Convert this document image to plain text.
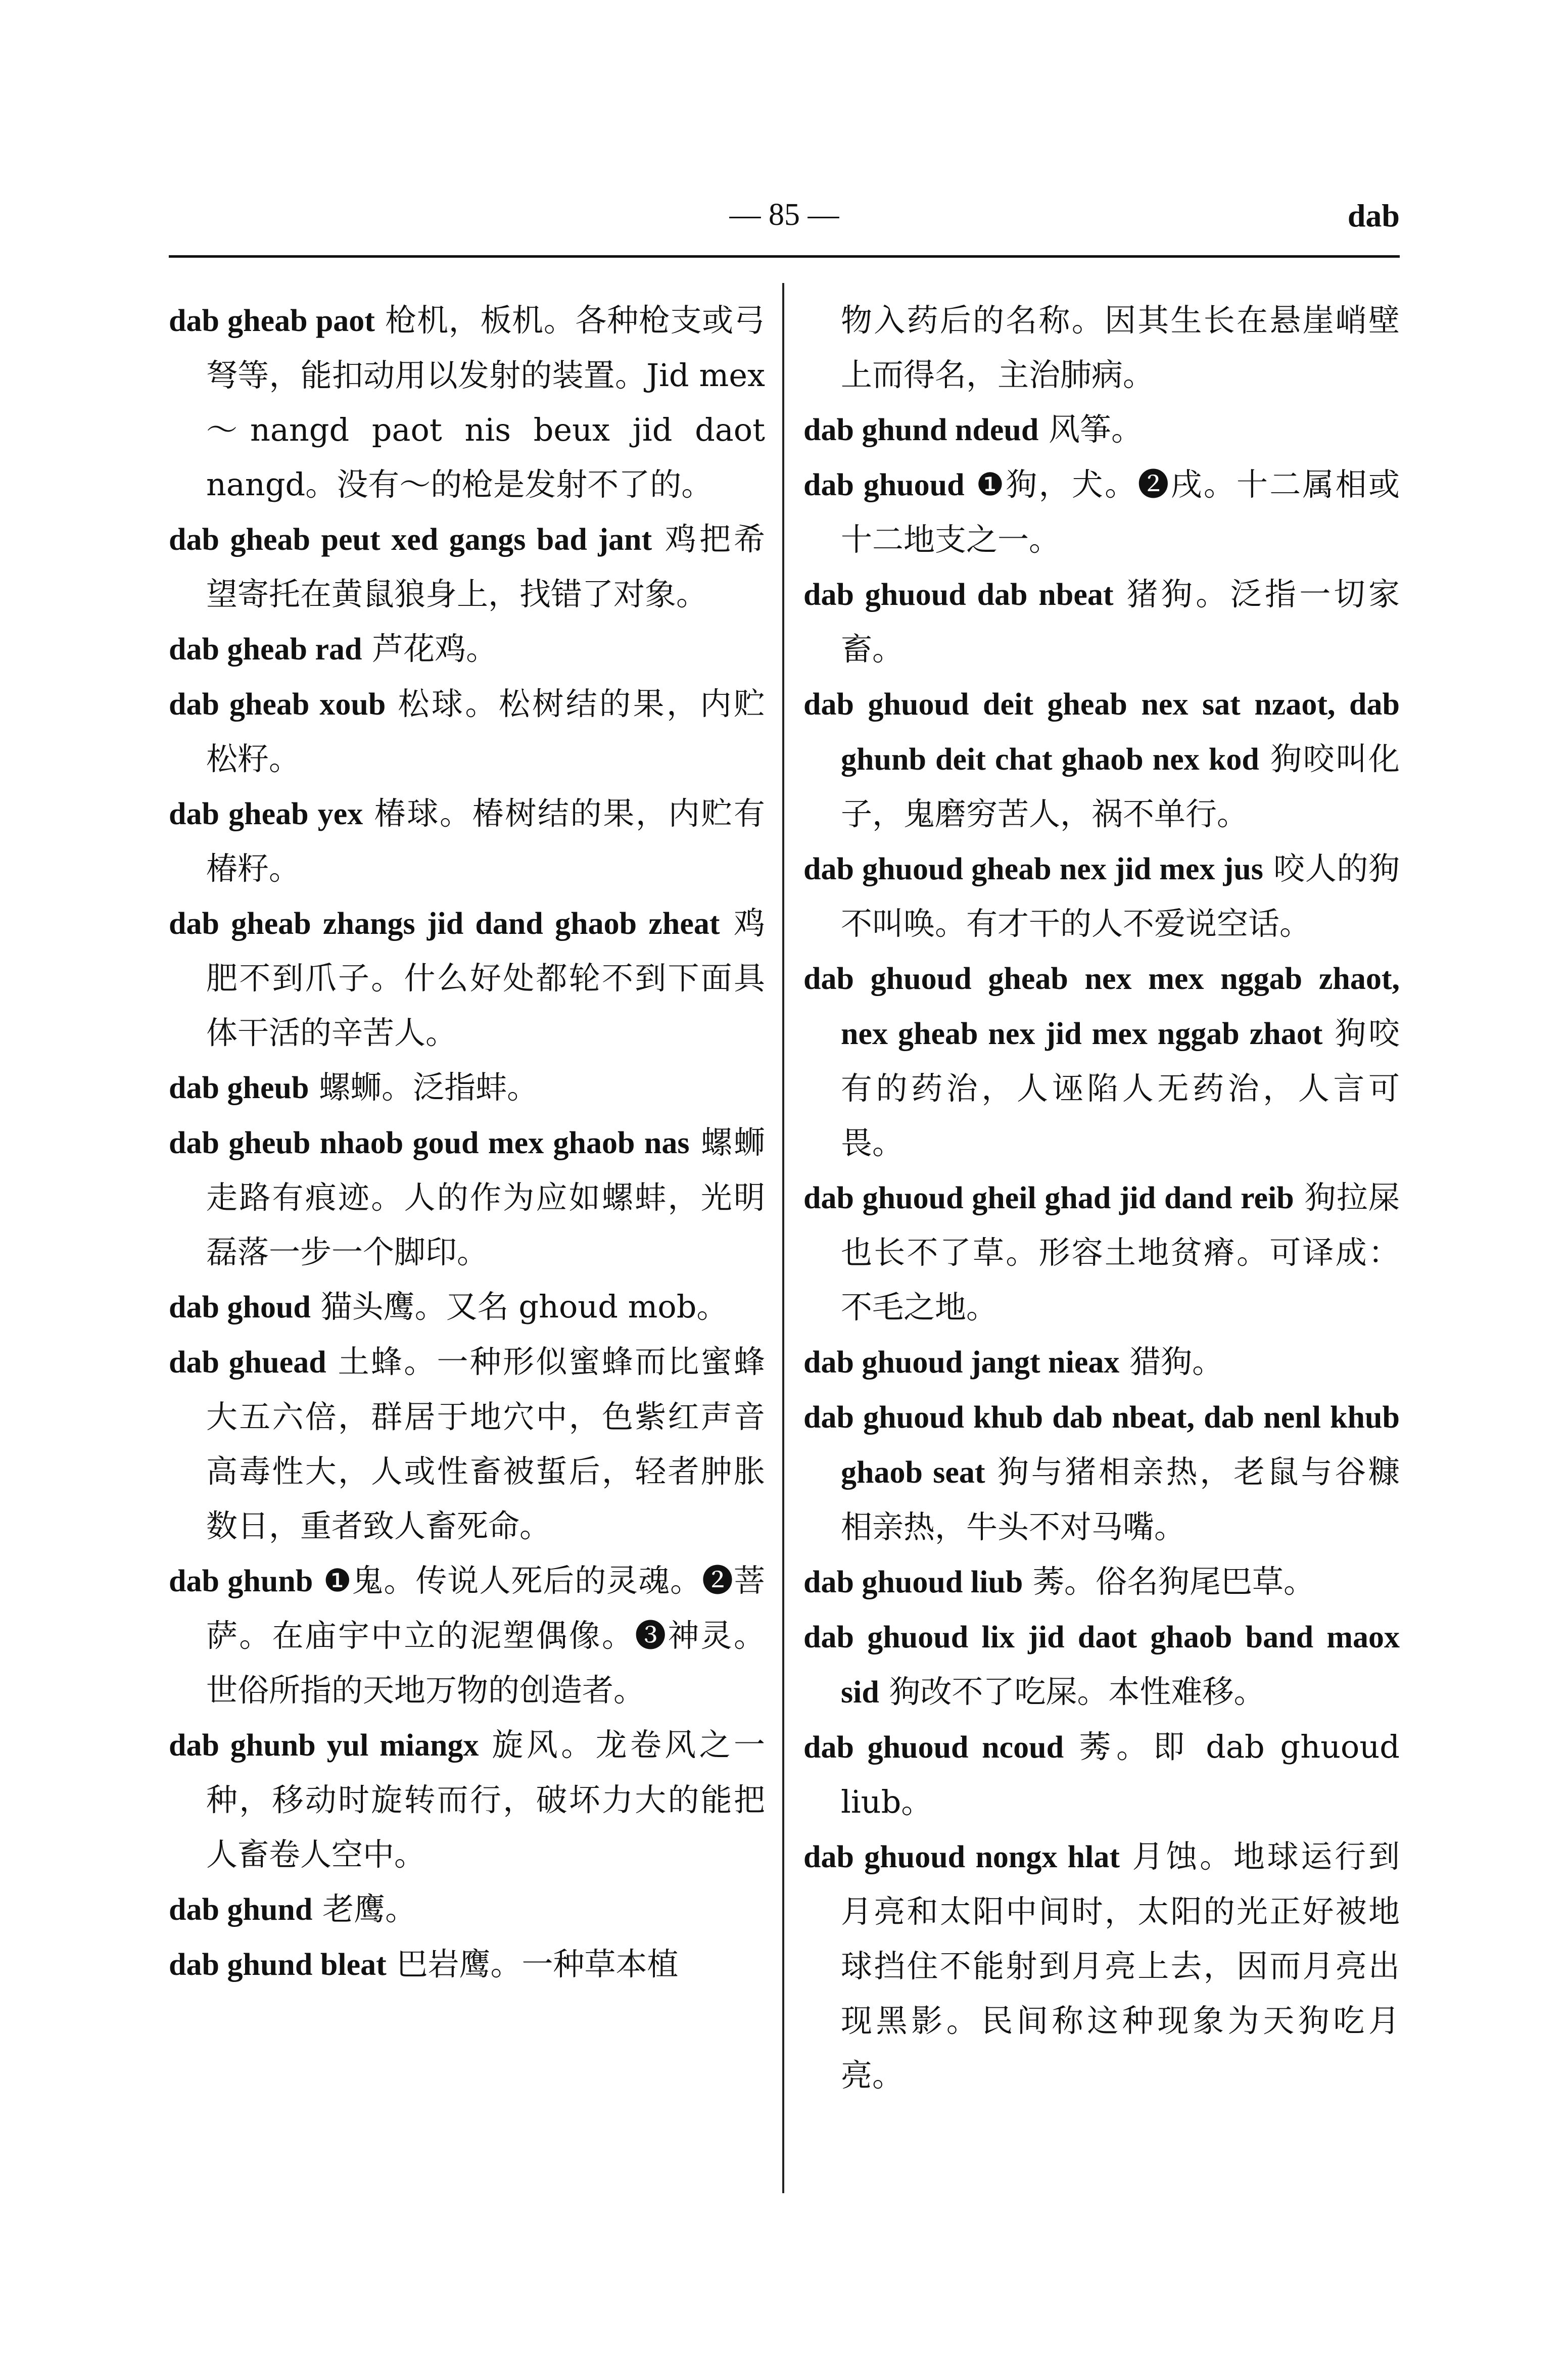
— 85 —	dab
dab gheab paot 枪机，板机。各种枪支或弓弩等，能扣动用以发射的装置。Jid mex ～nangd paot nis beux jid daot nangd。没有～的枪是发射不了的。
dab gheab peut xed gangs bad jant 鸡把希望寄托在黄鼠狼身上，找错了对象。
dab gheab rad 芦花鸡。
dab gheab xoub 松球。松树结的果，内贮松籽。
dab gheab yex 椿球。椿树结的果，内贮有椿籽。
dab gheab zhangs jid dand ghaob zheat 鸡肥不到爪子。什么好处都轮不到下面具体干活的辛苦人。
dab gheub 螺蛳。泛指蚌。
dab gheub nhaob goud mex ghaob nas 螺蛳走路有痕迹。人的作为应如螺蚌，光明磊落一步一个脚印。
dab ghoud 猫头鹰。又名 ghoud mob。
dab ghuead 土蜂。一种形似蜜蜂而比蜜蜂大五六倍，群居于地穴中，色紫红声音高毒性大，人或性畜被蜇后，轻者肿胀数日，重者致人畜死命。
dab ghunb ❶鬼。传说人死后的灵魂。❷菩萨。在庙宇中立的泥塑偶像。❸神灵。世俗所指的天地万物的创造者。
dab ghunb yul miangx 旋风。龙卷风之一种，移动时旋转而行，破坏力大的能把人畜卷人空中。
dab ghund 老鹰。
dab ghund bleat 巴岩鹰。一种草本植
物入药后的名称。因其生长在悬崖峭壁上而得名，主治肺病。
dab ghund ndeud 风筝。
dab ghuoud ❶狗，犬。❷戌。十二属相或十二地支之一。
dab ghuoud dab nbeat 猪狗。泛指一切家畜。
dab ghuoud deit gheab nex sat nzaot, dab ghunb deit chat ghaob nex kod 狗咬叫化子，鬼磨穷苦人，祸不单行。
dab ghuoud gheab nex jid mex jus 咬人的狗不叫唤。有才干的人不爱说空话。
dab ghuoud gheab nex mex nggab zhaot, nex gheab nex jid mex nggab zhaot 狗咬有的药治，人诬陷人无药治，人言可畏。
dab ghuoud gheil ghad jid dand reib 狗拉屎也长不了草。形容土地贫瘠。可译成：不毛之地。
dab ghuoud jangt nieax 猎狗。
dab ghuoud khub dab nbeat, dab nenl khub ghaob seat 狗与猪相亲热，老鼠与谷糠相亲热，牛头不对马嘴。
dab ghuoud liub 莠。俗名狗尾巴草。
dab ghuoud lix jid daot ghaob band maox sid 狗改不了吃屎。本性难移。
dab ghuoud ncoud 莠。即 dab ghuoud liub。
dab ghuoud nongx hlat 月蚀。地球运行到月亮和太阳中间时，太阳的光正好被地球挡住不能射到月亮上去，因而月亮出现黑影。民间称这种现象为天狗吃月亮。
